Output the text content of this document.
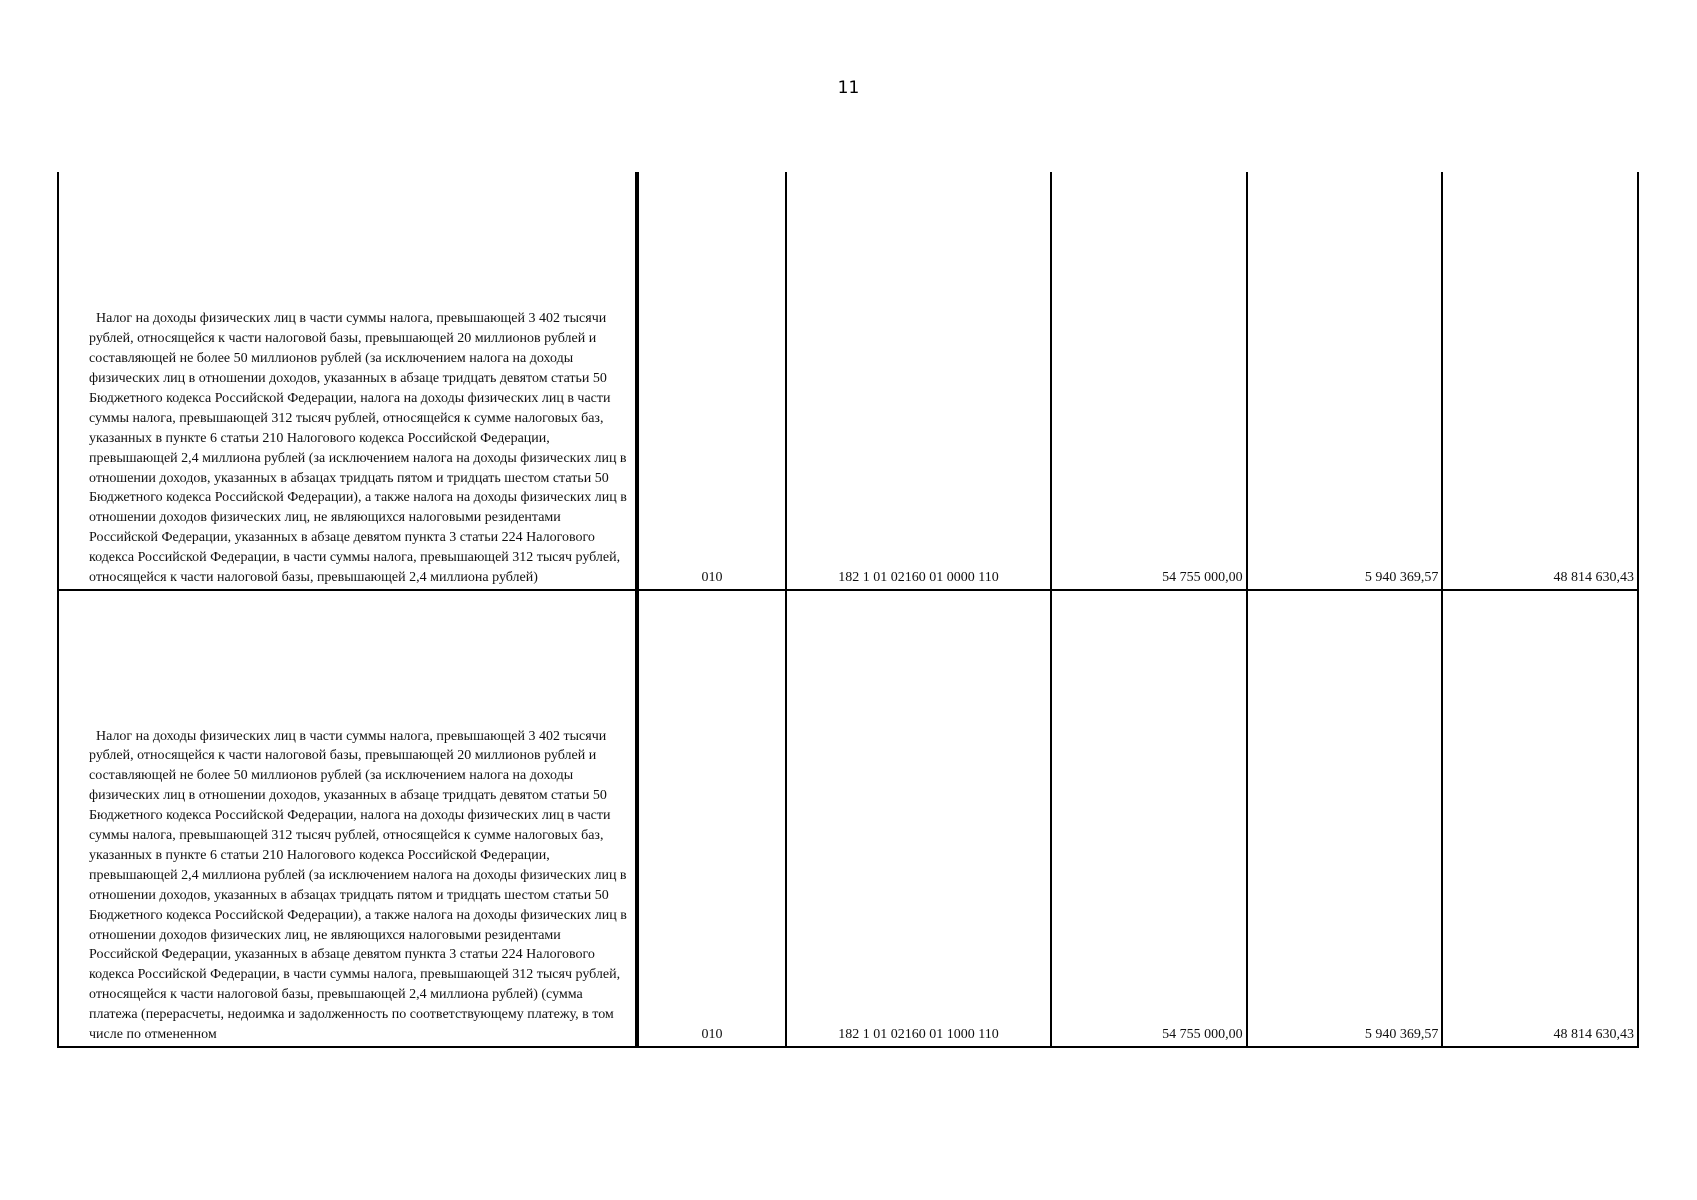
11
Налог на доходы физических лиц в части суммы налога, превышающей 3 402 тысячи рублей, относящейся к части налоговой базы, превышающей 20 миллионов рублей и составляющей не более 50 миллионов рублей (за исключением налога на доходы физических лиц в отношении доходов, указанных в абзаце тридцать девятом статьи 50 Бюджетного кодекса Российской Федерации, налога на доходы физических лиц в части суммы налога, превышающей 312 тысяч рублей, относящейся к сумме налоговых баз, указанных в пункте 6 статьи 210 Налогового кодекса Российской Федерации, превышающей 2,4 миллиона рублей (за исключением налога на доходы физических лиц в отношении доходов, указанных в абзацах тридцать пятом и тридцать шестом статьи 50 Бюджетного кодекса Российской Федерации), а также налога на доходы физических лиц в отношении доходов физических лиц, не являющихся налоговыми резидентами Российской Федерации, указанных в абзаце девятом пункта 3 статьи 224 Налогового кодекса Российской Федерации, в части суммы налога, превышающей 312 тысяч рублей, относящейся к части налоговой базы, превышающей 2,4 миллиона рублей)	010	182 1 01 02160 01 0000 110	54 755 000,00	5 940 369,57	48 814 630,43

Налог на доходы физических лиц в части суммы налога, превышающей 3 402 тысячи рублей, относящейся к части налоговой базы, превышающей 20 миллионов рублей и составляющей не более 50 миллионов рублей (за исключением налога на доходы физических лиц в отношении доходов, указанных в абзаце тридцать девятом статьи 50 Бюджетного кодекса Российской Федерации, налога на доходы физических лиц в части суммы налога, превышающей 312 тысяч рублей, относящейся к сумме налоговых баз, указанных в пункте 6 статьи 210 Налогового кодекса Российской Федерации, превышающей 2,4 миллиона рублей (за исключением налога на доходы физических лиц в отношении доходов, указанных в абзацах тридцать пятом и тридцать шестом статьи 50 Бюджетного кодекса Российской Федерации), а также налога на доходы физических лиц в отношении доходов физических лиц, не являющихся налоговыми резидентами Российской Федерации, указанных в абзаце девятом пункта 3 статьи 224 Налогового кодекса Российской Федерации, в части суммы налога, превышающей 312 тысяч рублей, относящейся к части налоговой базы, превышающей 2,4 миллиона рублей) (сумма платежа (перерасчеты, недоимка и задолженность по соответствующему платежу, в том числе по отмененном	010	182 1 01 02160 01 1000 110	54 755 000,00	5 940 369,57	48 814 630,43
